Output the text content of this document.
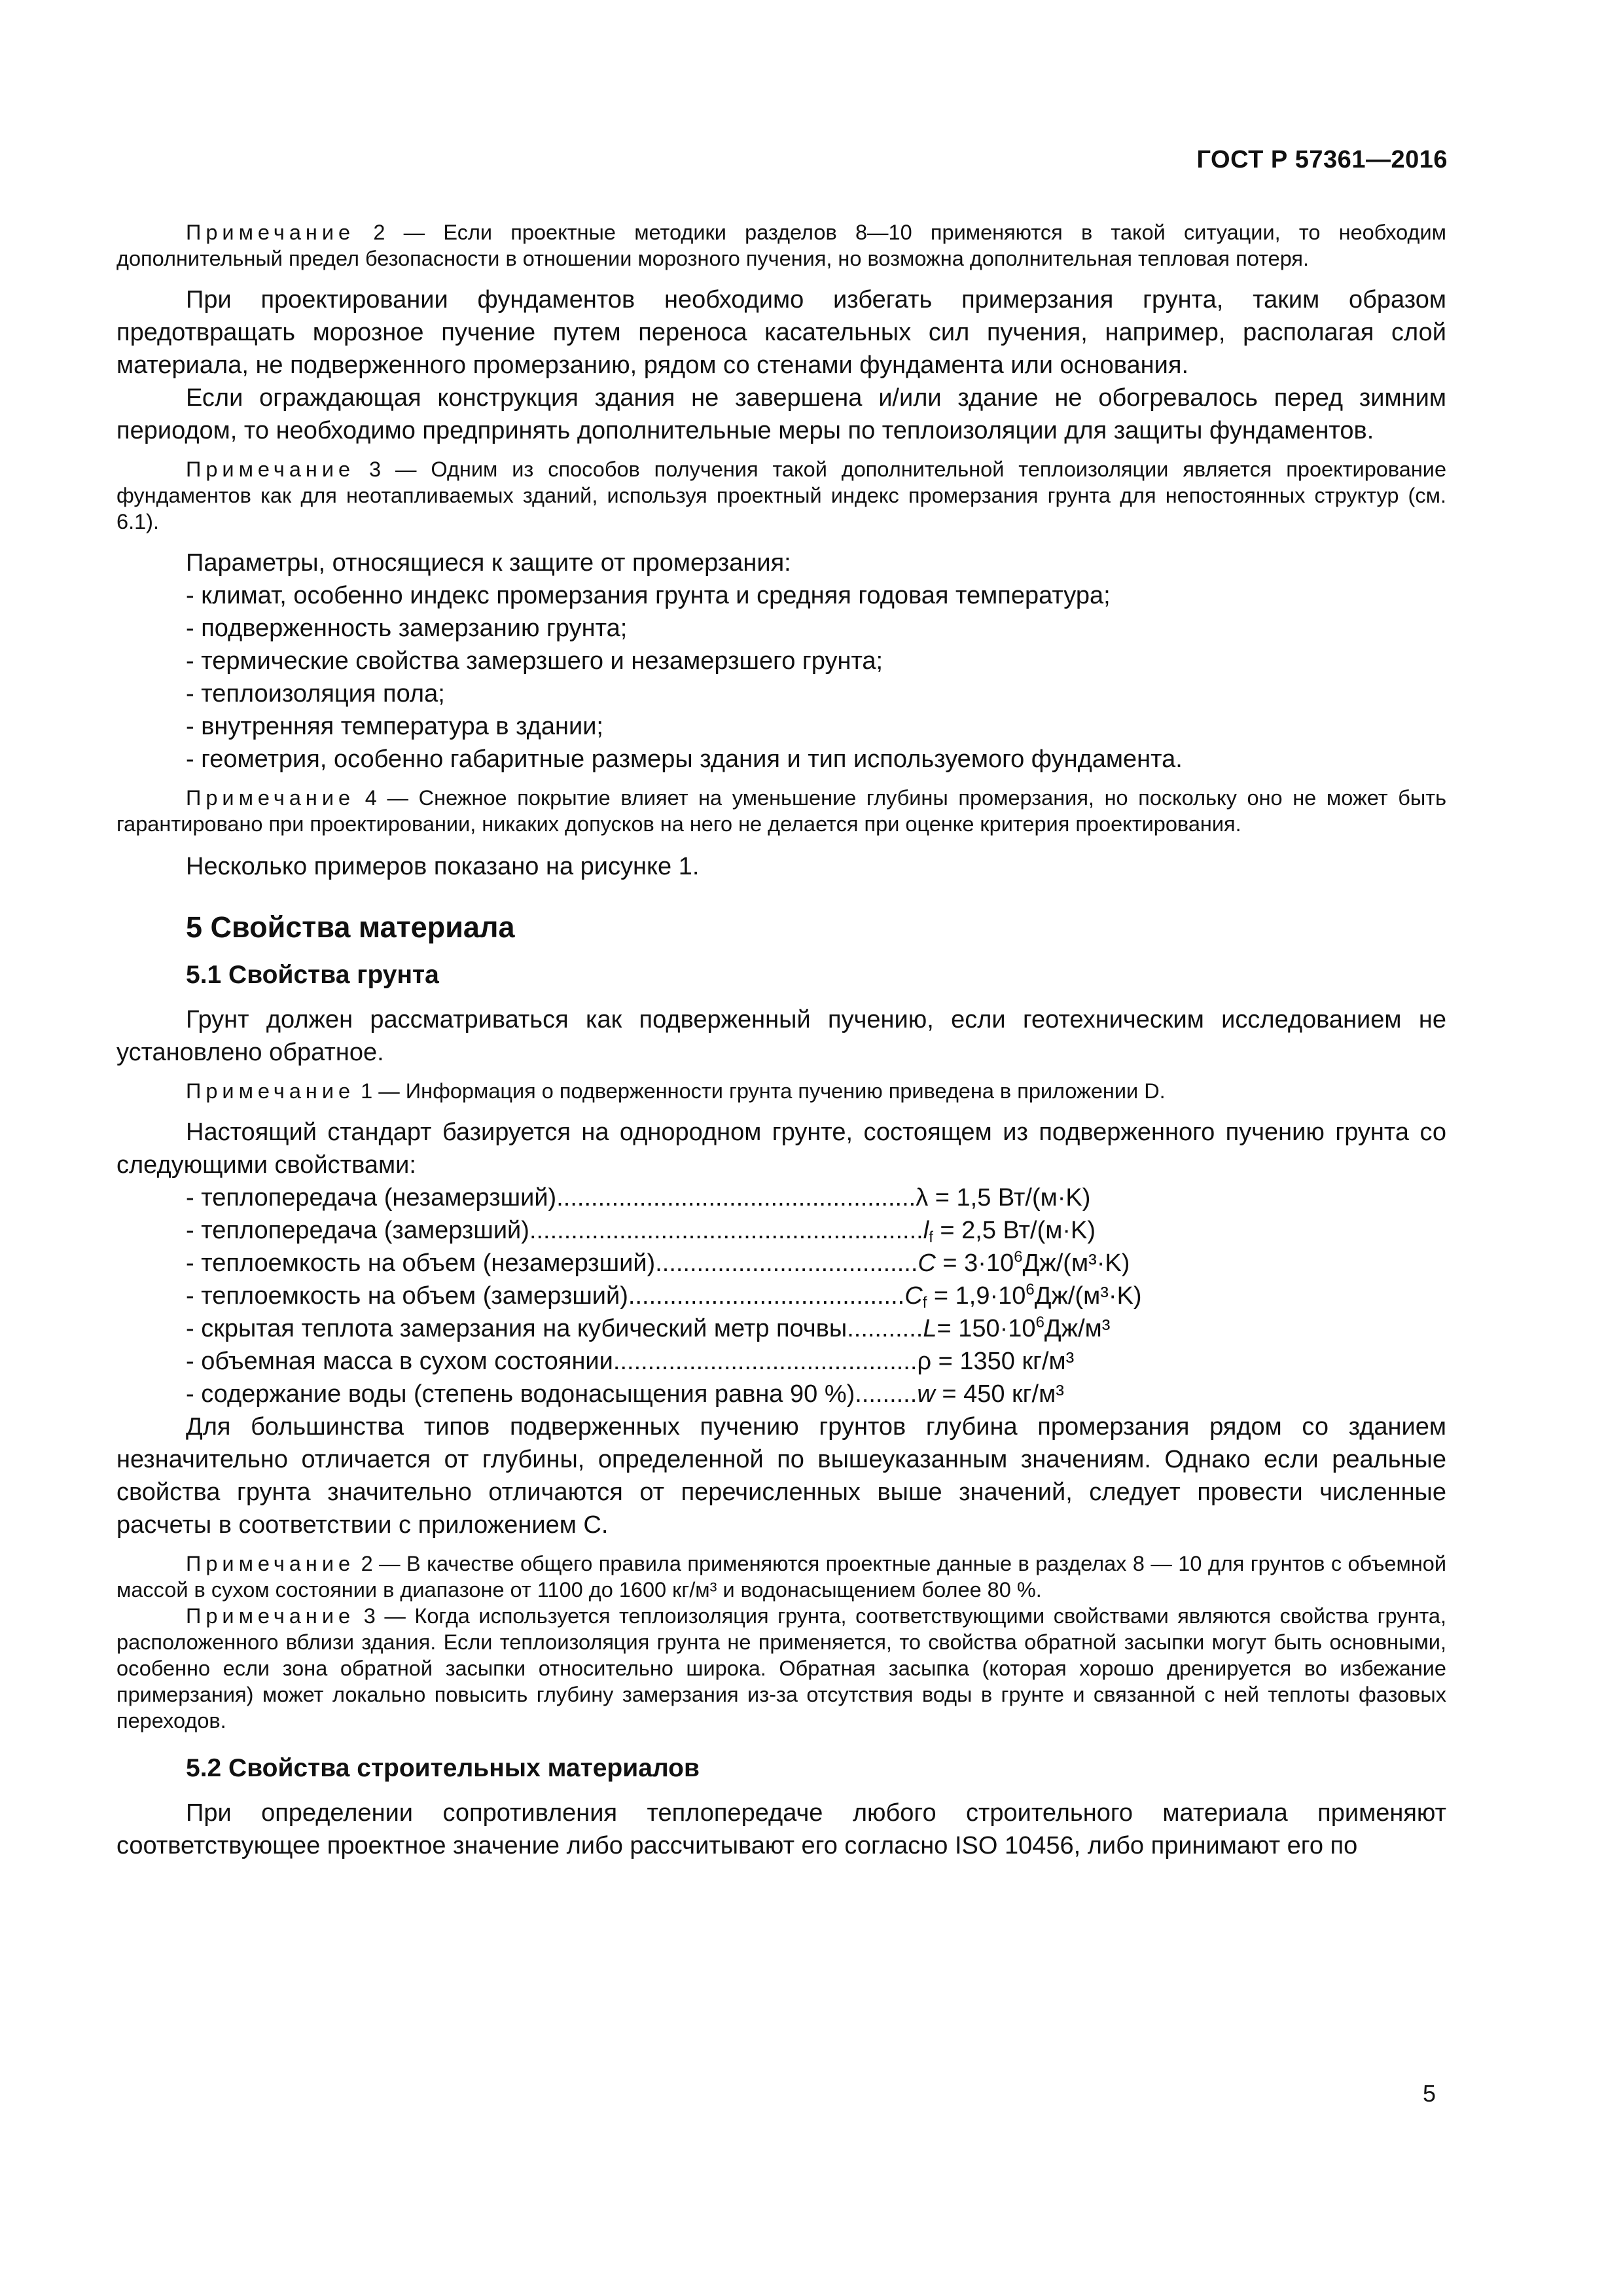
ГОСТ Р 57361—2016

Примечание 2 — Если проектные методики разделов 8—10 применяются в такой ситуации, то необходим дополнительный предел безопасности в отношении морозного пучения, но возможна дополнительная тепловая потеря.

При проектировании фундаментов необходимо избегать примерзания грунта, таким образом предотвращать морозное пучение путем переноса касательных сил пучения, например, располагая слой материала, не подверженного промерзанию, рядом со стенами фундамента или основания.

Если ограждающая конструкция здания не завершена и/или здание не обогревалось перед зимним периодом, то необходимо предпринять дополнительные меры по теплоизоляции для защиты фундаментов.

Примечание 3 — Одним из способов получения такой дополнительной теплоизоляции является проектирование фундаментов как для неотапливаемых зданий, используя проектный индекс промерзания грунта для непостоянных структур (см. 6.1).

Параметры, относящиеся к защите от промерзания:

- климат, особенно индекс промерзания грунта и средняя годовая температура;
- подверженность замерзанию грунта;
- термические свойства замерзшего и незамерзшего грунта;
- теплоизоляция пола;
- внутренняя температура в здании;
- геометрия, особенно габаритные размеры здания и тип используемого фундамента.

Примечание 4 — Снежное покрытие влияет на уменьшение глубины промерзания, но поскольку оно не может быть гарантировано при проектировании, никаких допусков на него не делается при оценке критерия проектирования.

Несколько примеров показано на рисунке 1.

5 Свойства материала
5.1 Свойства грунта

Грунт должен рассматриваться как подверженный пучению, если геотехническим исследованием не установлено обратное.

Примечание 1 — Информация о подверженности грунта пучению приведена в приложении D.

Настоящий стандарт базируется на однородном грунте, состоящем из подверженного пучению грунта со следующими свойствами:

- теплопередача (незамерзший) .................................................... λ = 1,5 Вт/(м·K)
- теплопередача (замерзший) ......................................................... $l_f = 2,5$ Вт/(м·K)
- теплоемкость на объем (незамерзший) ...................................... $C = 3\cdot 10^6Дж/(м^3\cdot K)$
- теплоемкость на объем (замерзший) ........................................ $C_f = 1,9\cdot 10^6Дж/(м^3\cdot K)$
- скрытая теплота замерзания на кубический метр почвы ........... $L= 150\cdot 10^6Дж/м^3$
- объемная масса в сухом состоянии ............................................ ρ = 1350 кг/м³
- содержание воды (степень водонасыщения равна 90 %) ......... w = 450 кг/м³

Для большинства типов подверженных пучению грунтов глубина промерзания рядом со зданием незначительно отличается от глубины, определенной по вышеуказанным значениям. Однако если реальные свойства грунта значительно отличаются от перечисленных выше значений, следует провести численные расчеты в соответствии с приложением C.

Примечание 2 — В качестве общего правила применяются проектные данные в разделах 8 — 10 для грунтов с объемной массой в сухом состоянии в диапазоне от 1100 до 1600 кг/м³ и водонасыщением более 80 %.

Примечание 3 — Когда используется теплоизоляция грунта, соответствующими свойствами являются свойства грунта, расположенного вблизи здания. Если теплоизоляция грунта не применяется, то свойства обратной засыпки могут быть основными, особенно если зона обратной засыпки относительно широка. Обратная засыпка (которая хорошо дренируется во избежание примерзания) может локально повысить глубину замерзания из-за отсутствия воды в грунте и связанной с ней теплоты фазовых переходов.

5.2 Свойства строительных материалов

При определении сопротивления теплопередаче любого строительного материала применяют соответствующее проектное значение либо рассчитывают его согласно ISO 10456, либо принимают его по

5
